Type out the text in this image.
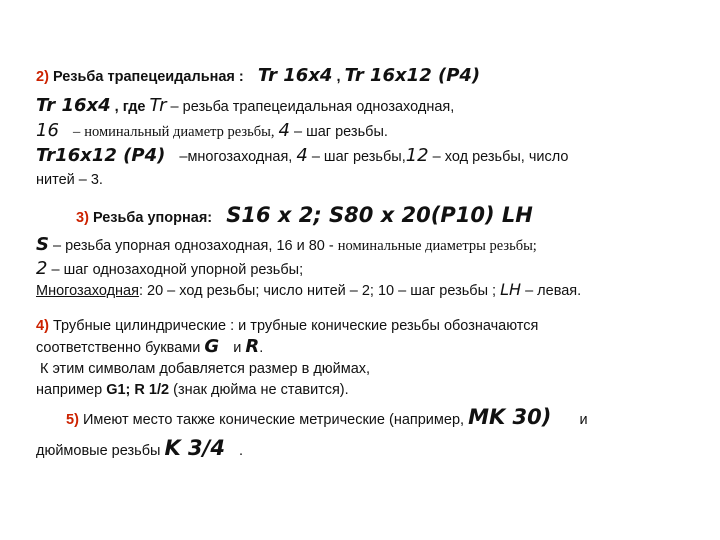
2) Резьба трапецеидальная : Tr 16x4 , Tr 16x12 (P4)
Tr 16x4 , где Tr – резьба трапецеидальная однозаходная,
16 – номинальный диаметр резьбы, 4 – шаг резьбы.
Tr16x12 (P4) –многозаходная, 4 – шаг резьбы,12 – ход резьбы, число
нитей – 3.
3) Резьба упорная: S16 x 2; S80 x 20(P10) LH
S – резьба упорная однозаходная, 16 и 80 - номинальные диаметры резьбы;
2 – шаг однозаходной упорной резьбы;
Многозаходная: 20 – ход резьбы; число нитей – 2; 10 – шаг резьбы ; LH – левая.
4) Трубные цилиндрические : и трубные конические резьбы обозначаются
соответственно буквами G и R.
К этим символам добавляется размер в дюймах,
например G1; R 1/2 (знак дюйма не ставится).
5) Имеют место также конические метрические (например, MK 30) и
дюймовые резьбы K 3/4 .
